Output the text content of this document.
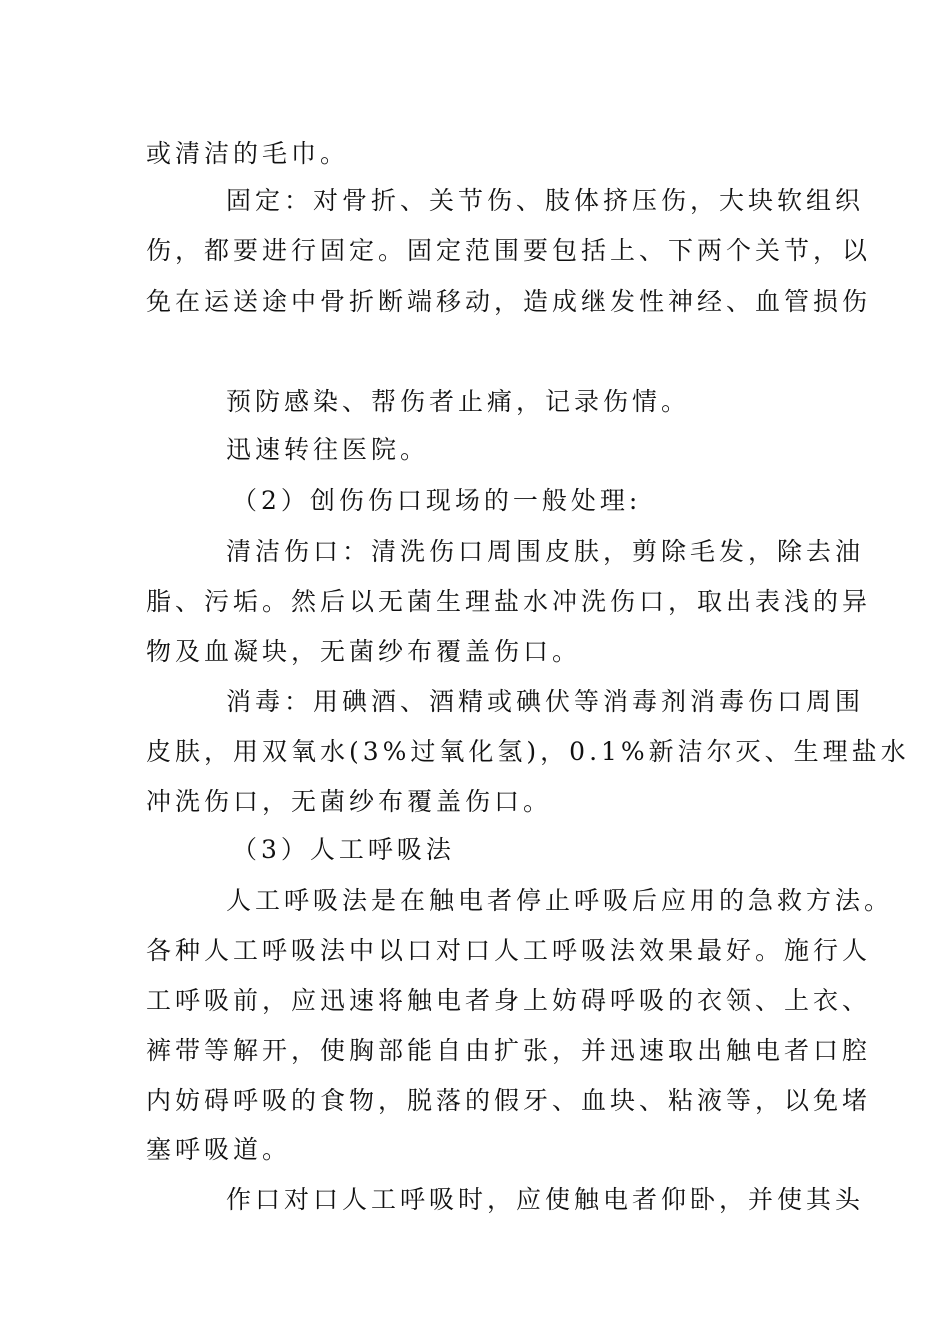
或清洁的毛巾。
固定：对骨折、关节伤、肢体挤压伤，大块软组织
伤，都要进行固定。固定范围要包括上、下两个关节，以
免在运送途中骨折断端移动，造成继发性神经、血管损伤
预防感染、帮伤者止痛，记录伤情。
迅速转往医院。
（2）创伤伤口现场的一般处理:
清洁伤口：清洗伤口周围皮肤，剪除毛发，除去油
脂、污垢。然后以无菌生理盐水冲洗伤口，取出表浅的异
物及血凝块，无菌纱布覆盖伤口。
消毒：用碘酒、酒精或碘伏等消毒剂消毒伤口周围
皮肤，用双氧水(3%过氧化氢)，0.1%新洁尔灭、生理盐水
冲洗伤口，无菌纱布覆盖伤口。
（3）人工呼吸法
人工呼吸法是在触电者停止呼吸后应用的急救方法。
各种人工呼吸法中以口对口人工呼吸法效果最好。施行人
工呼吸前，应迅速将触电者身上妨碍呼吸的衣领、上衣、
裤带等解开，使胸部能自由扩张，并迅速取出触电者口腔
内妨碍呼吸的食物，脱落的假牙、血块、粘液等，以免堵
塞呼吸道。
作口对口人工呼吸时，应使触电者仰卧，并使其头
